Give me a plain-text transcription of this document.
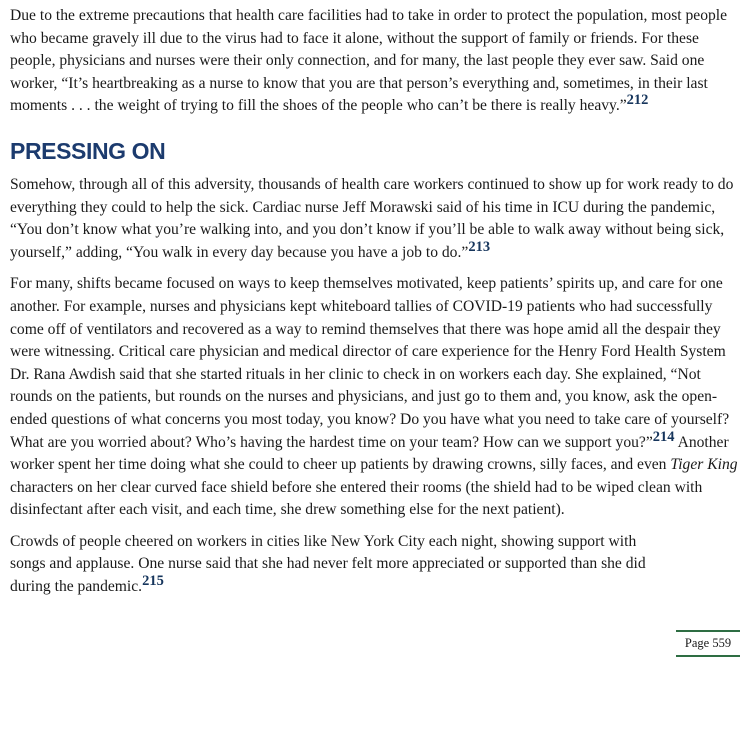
Due to the extreme precautions that health care facilities had to take in order to protect the population, most people who became gravely ill due to the virus had to face it alone, without the support of family or friends. For these people, physicians and nurses were their only connection, and for many, the last people they ever saw. Said one worker, “It’s heartbreaking as a nurse to know that you are that person’s everything and, sometimes, in their last moments . . . the weight of trying to fill the shoes of the people who can’t be there is really heavy.”212

PRESSING ON

Somehow, through all of this adversity, thousands of health care workers continued to show up for work ready to do everything they could to help the sick. Cardiac nurse Jeff Morawski said of his time in ICU during the pandemic, “You don’t know what you’re walking into, and you don’t know if you’ll be able to walk away without being sick, yourself,” adding, “You walk in every day because you have a job to do.”213

For many, shifts became focused on ways to keep themselves motivated, keep patients’ spirits up, and care for one another. For example, nurses and physicians kept whiteboard tallies of COVID-19 patients who had successfully come off of ventilators and recovered as a way to remind themselves that there was hope amid all the despair they were witnessing. Critical care physician and medical director of care experience for the Henry Ford Health System Dr. Rana Awdish said that she started rituals in her clinic to check in on workers each day. She explained, “Not rounds on the patients, but rounds on the nurses and physicians, and just go to them and, you know, ask the open-ended questions of what concerns you most today, you know? Do you have what you need to take care of yourself? What are you worried about? Who’s having the hardest time on your team? How can we support you?”214 Another worker spent her time doing what she could to cheer up patients by drawing crowns, silly faces, and even Tiger King characters on her clear curved face shield before she entered their rooms (the shield had to be wiped clean with disinfectant after each visit, and each time, she drew something else for the next patient).

Crowds of people cheered on workers in cities like New York City each night, showing support with songs and applause. One nurse said that she had never felt more appreciated or supported than she did during the pandemic.215

Page 559
